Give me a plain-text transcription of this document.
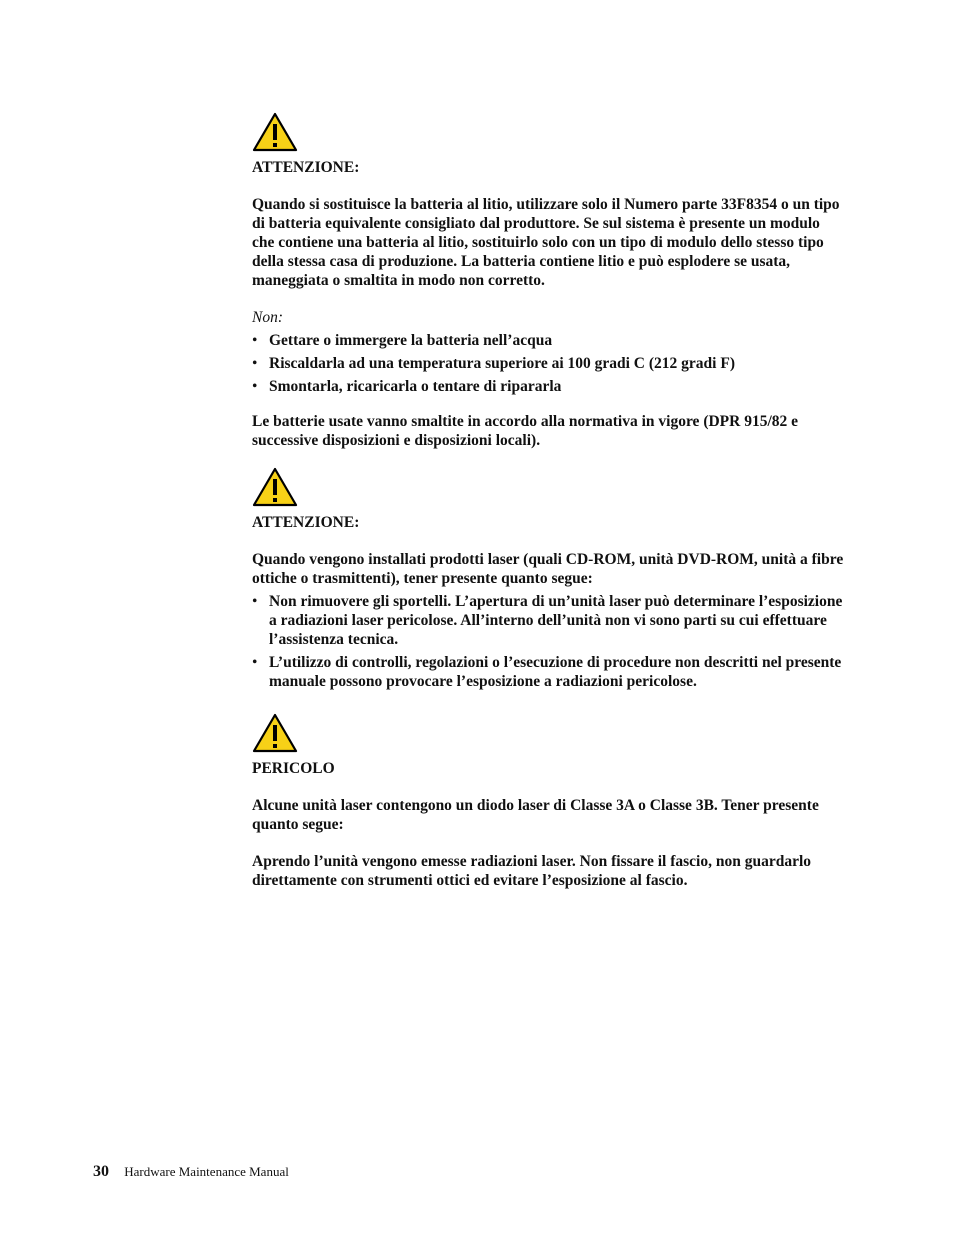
ATTENZIONE:

Quando si sostituisce la batteria al litio, utilizzare solo il Numero parte 33F8354 o un tipo di batteria equivalente consigliato dal produttore. Se sul sistema è presente un modulo che contiene una batteria al litio, sostituirlo solo con un tipo di modulo dello stesso tipo della stessa casa di produzione. La batteria contiene litio e può esplodere se usata, maneggiata o smaltita in modo non corretto.

Non:

• Gettare o immergere la batteria nell’acqua
• Riscaldarla ad una temperatura superiore ai 100 gradi C (212 gradi F)
• Smontarla, ricaricarla o tentare di ripararla

Le batterie usate vanno smaltite in accordo alla normativa in vigore (DPR 915/82 e successive disposizioni e disposizioni locali).

ATTENZIONE:

Quando vengono installati prodotti laser (quali CD-ROM, unità DVD-ROM, unità a fibre ottiche o trasmittenti), tener presente quanto segue:

• Non rimuovere gli sportelli. L’apertura di un’unità laser può determinare l’esposizione a radiazioni laser pericolose. All’interno dell’unità non vi sono parti su cui effettuare l’assistenza tecnica.
• L’utilizzo di controlli, regolazioni o l’esecuzione di procedure non descritti nel presente manuale possono provocare l’esposizione a radiazioni pericolose.

PERICOLO

Alcune unità laser contengono un diodo laser di Classe 3A o Classe 3B. Tener presente quanto segue:

Aprendo l’unità vengono emesse radiazioni laser. Non fissare il fascio, non guardarlo direttamente con strumenti ottici ed evitare l’esposizione al fascio.

30 Hardware Maintenance Manual
